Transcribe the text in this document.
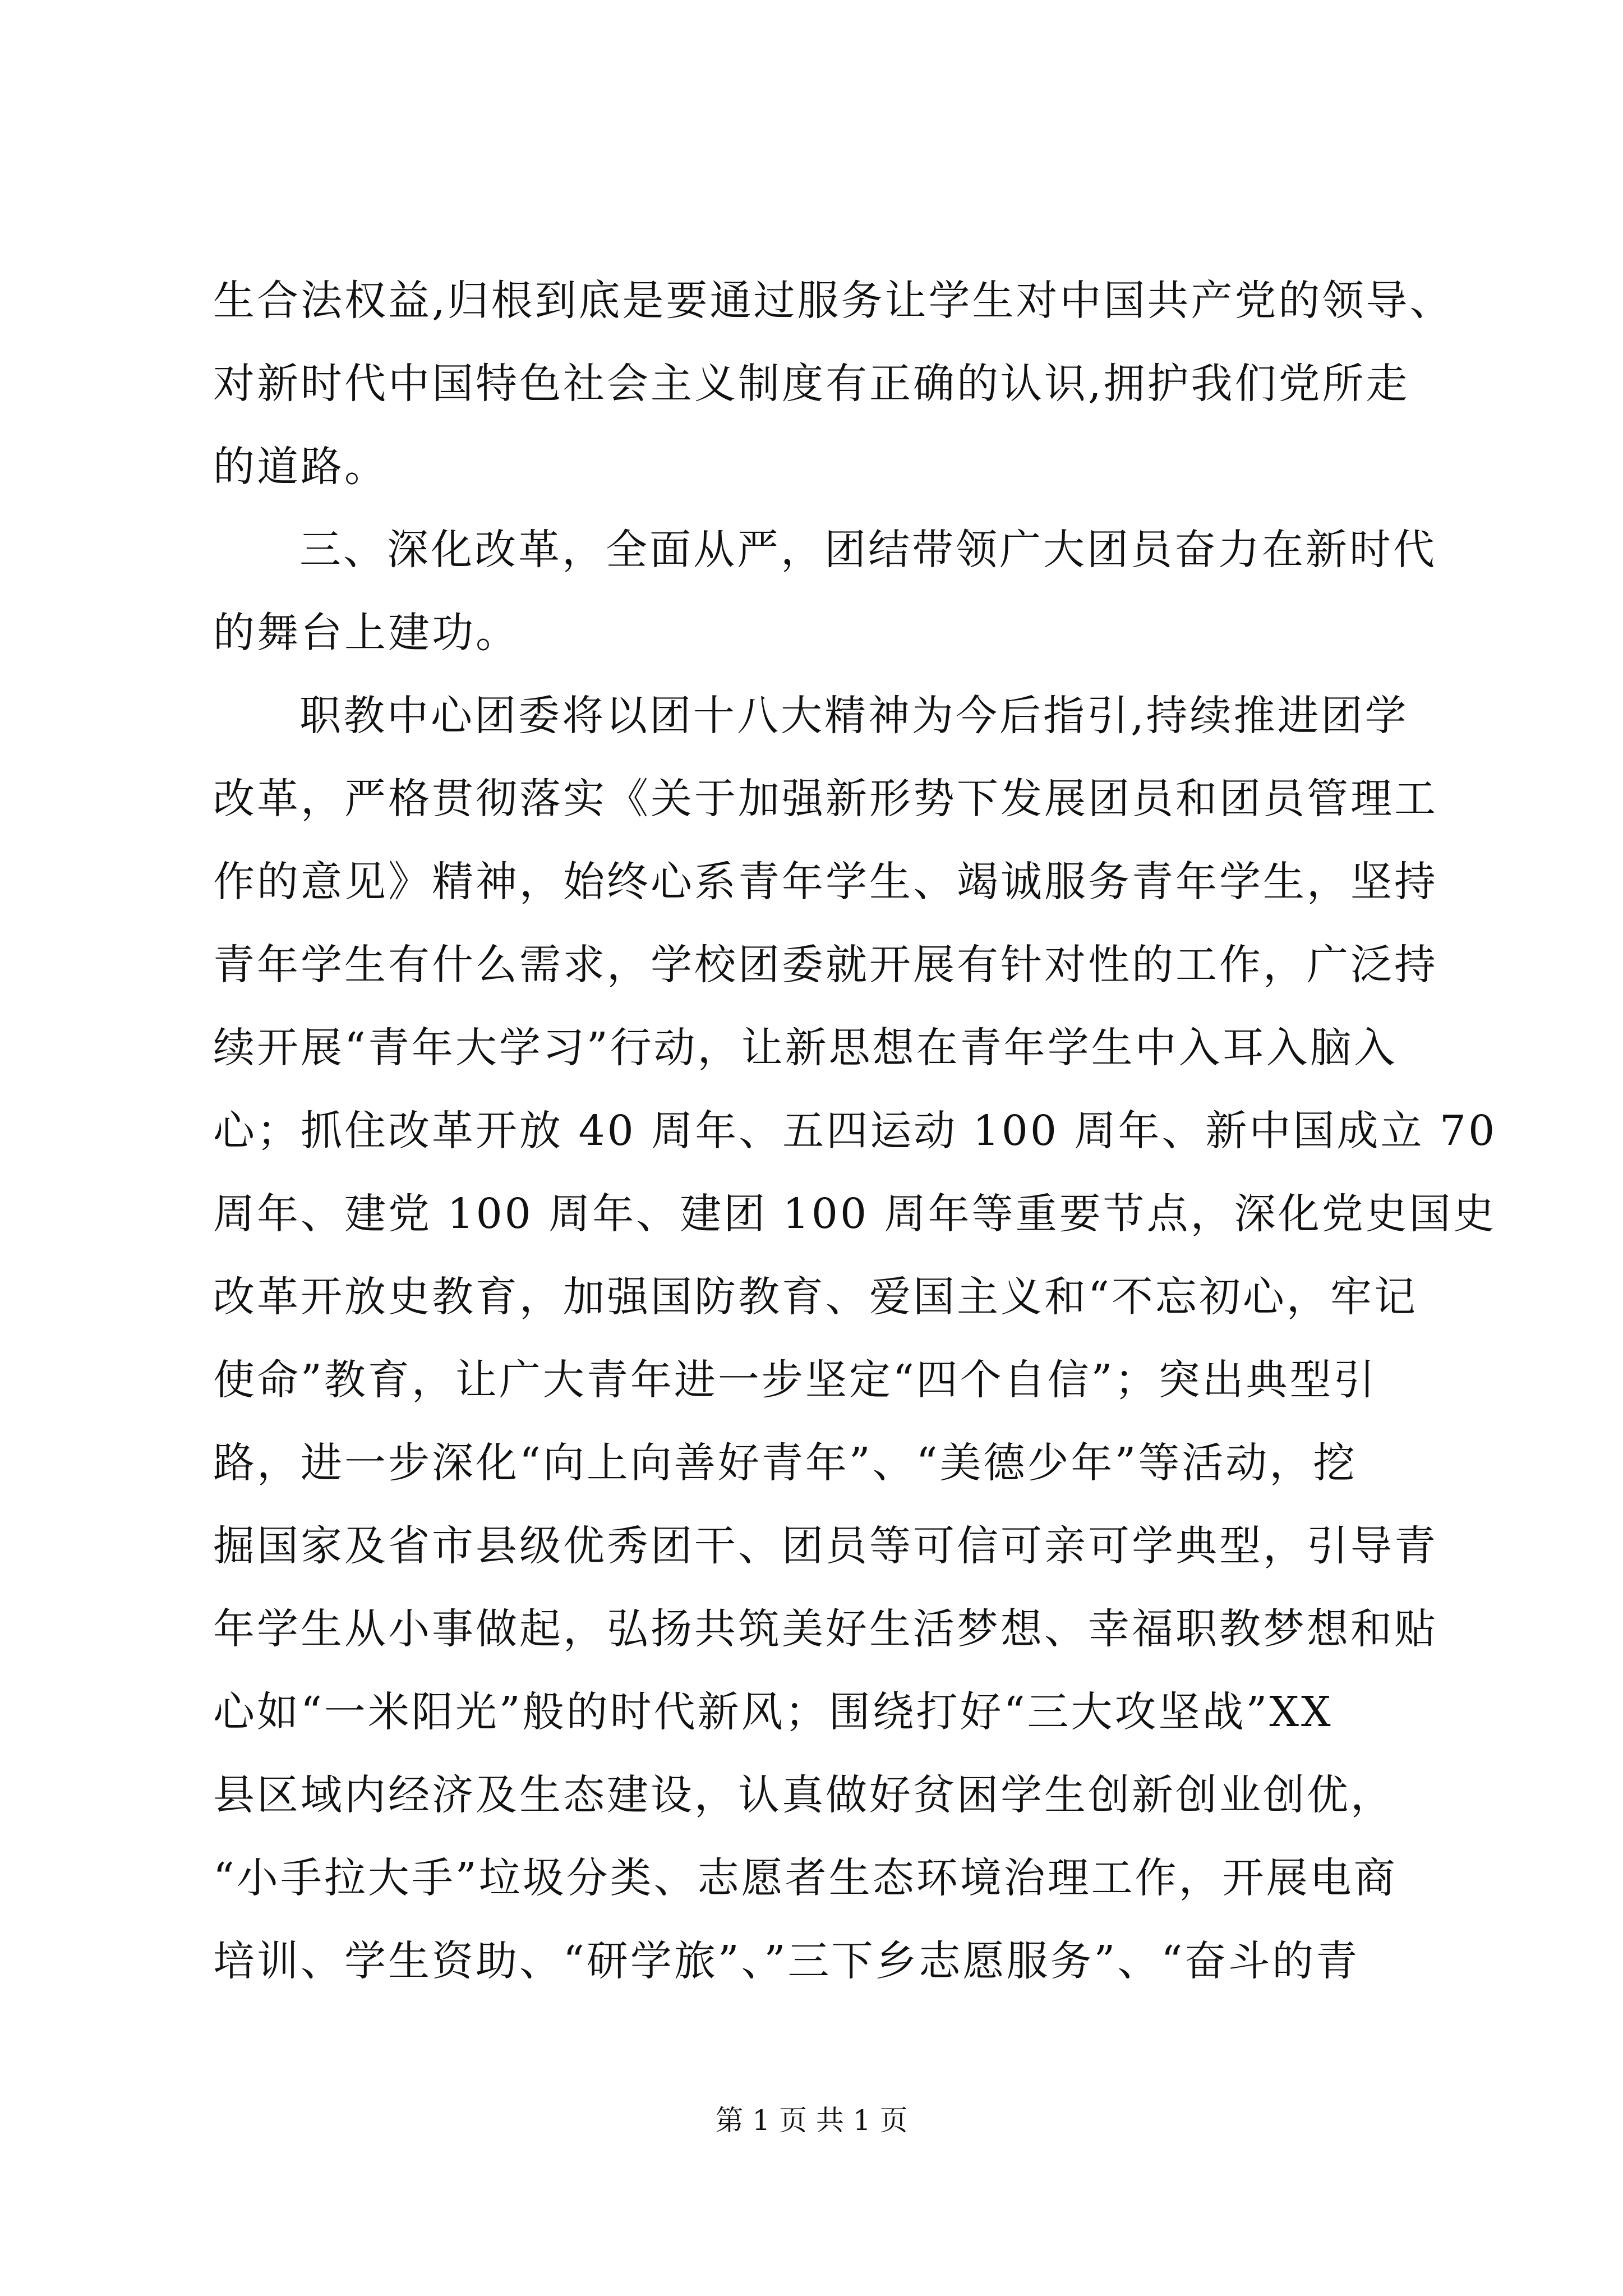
生合法权益,归根到底是要通过服务让学生对中国共产党的领导、
对新时代中国特色社会主义制度有正确的认识,拥护我们党所走
的道路。
三、深化改革，全面从严，团结带领广大团员奋力在新时代
的舞台上建功。
职教中心团委将以团十八大精神为今后指引,持续推进团学
改革，严格贯彻落实《关于加强新形势下发展团员和团员管理工
作的意见》精神，始终心系青年学生、竭诚服务青年学生，坚持
青年学生有什么需求，学校团委就开展有针对性的工作，广泛持
续开展“青年大学习”行动，让新思想在青年学生中入耳入脑入
心；抓住改革开放 40 周年、五四运动 100 周年、新中国成立 70
周年、建党 100 周年、建团 100 周年等重要节点，深化党史国史
改革开放史教育，加强国防教育、爱国主义和“不忘初心，牢记
使命”教育，让广大青年进一步坚定“四个自信”；突出典型引
路，进一步深化“向上向善好青年”、“美德少年”等活动，挖
掘国家及省市县级优秀团干、团员等可信可亲可学典型，引导青
年学生从小事做起，弘扬共筑美好生活梦想、幸福职教梦想和贴
心如“一米阳光”般的时代新风；围绕打好“三大攻坚战”XX
县区域内经济及生态建设，认真做好贫困学生创新创业创优，
“小手拉大手”垃圾分类、志愿者生态环境治理工作，开展电商
培训、学生资助、“研学旅”、”三下乡志愿服务”、“奋斗的青
第 1 页 共 1 页
